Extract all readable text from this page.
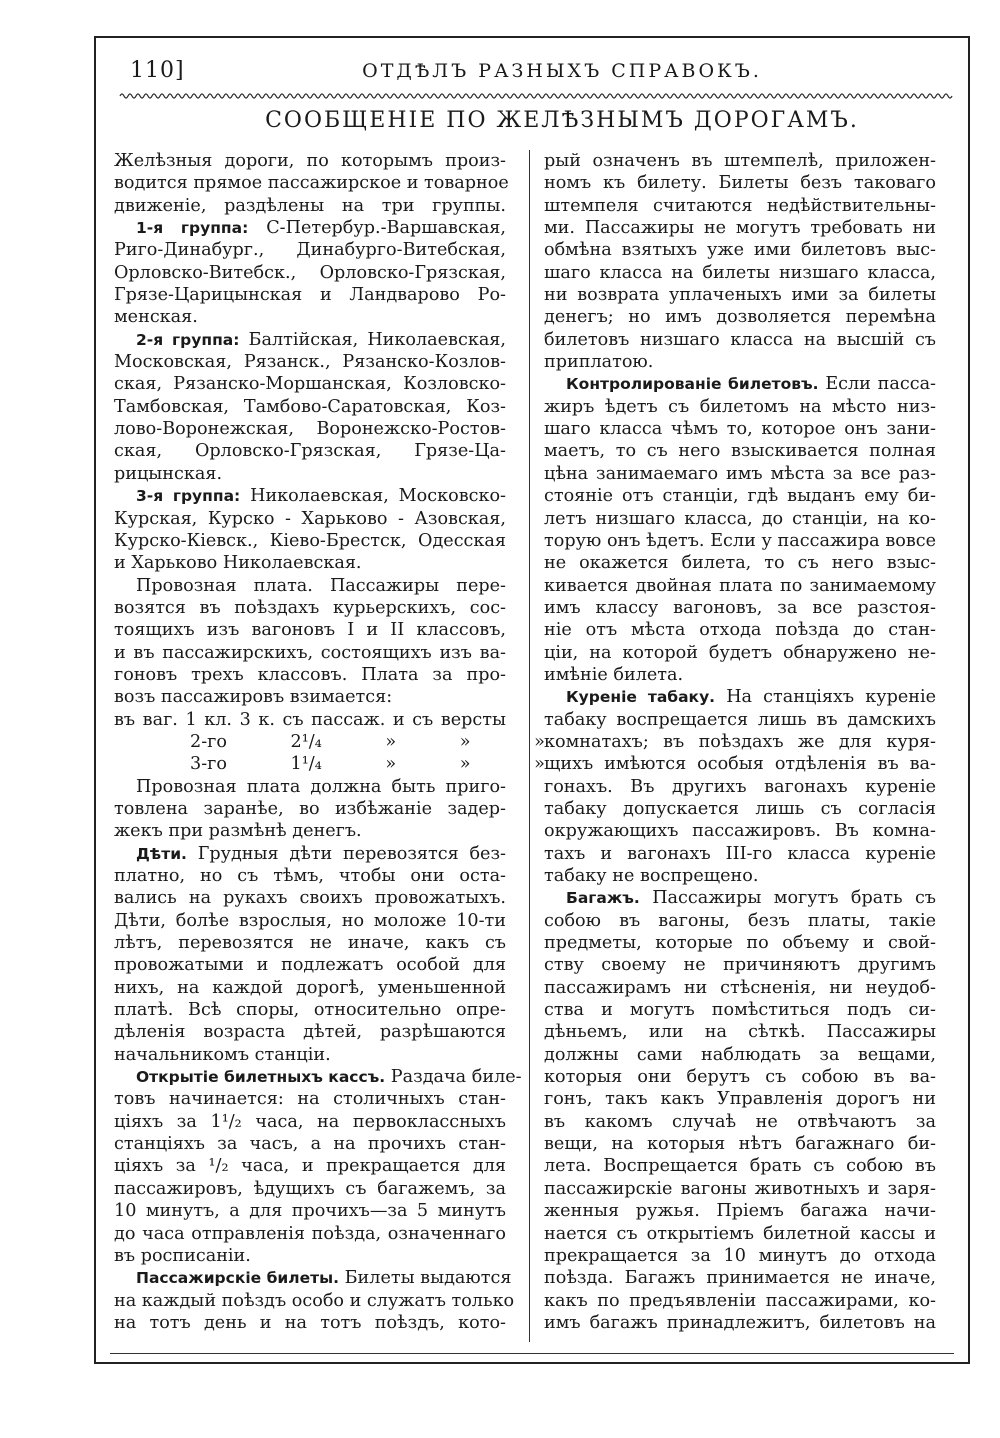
110]	ОТДѢЛЪ РАЗНЫХЪ СПРАВОКЪ.
СООБЩЕНІЕ ПО ЖЕЛѢЗНЫМЪ ДОРОГАМЪ.
Желѣзныя дороги, по которымъ произ-
водится прямое пассажирское и товарное
движеніе, раздѣлены на три группы.
1-я группа: С-Петербур.-Варшавская,
Риго-Динабург., Динабурго-Витебская,
Орловско-Витебск., Орловско-Грязская,
Грязе-Царицынская и Ландварово Ро-
менская.
2-я группа: Балтійская, Николаевская,
Московская, Рязанск., Рязанско-Козлов-
ская, Рязанско-Моршанская, Козловско-
Тамбовская, Тамбово-Саратовская, Коз-
лово-Воронежская, Воронежско-Ростов-
ская, Орловско-Грязская, Грязе-Ца-
рицынская.
3-я группа: Николаевская, Московско-
Курская, Курско - Харьково - Азовская,
Курско-Кіевск., Кіево-Брестск, Одесская
и Харьково Николаевская.
Провозная плата. Пассажиры пере-
возятся въ поѣздахъ курьерскихъ, сос-
тоящихъ изъ вагоновъ I и II классовъ,
и въ пассажирскихъ, состоящихъ изъ ва-
гоновъ трехъ классовъ. Плата за про-
возъ пассажировъ взимается:
въ ваг. 1 кл. 3 к. съ пассаж. и съ версты
2-го 2¹/₄ » » »
3-го 1¹/₄ » » »
Провозная плата должна быть приго-
товлена заранѣе, во избѣжаніе задер-
жекъ при размѣнѣ денегъ.
Дѣти. Грудныя дѣти перевозятся без-
платно, но съ тѣмъ, чтобы они оста-
вались на рукахъ своихъ провожатыхъ.
Дѣти, болѣе взрослыя, но моложе 10-ти
лѣтъ, перевозятся не иначе, какъ съ
провожатыми и подлежатъ особой для
нихъ, на каждой дорогѣ, уменьшенной
платѣ. Всѣ споры, относительно опре-
дѣленія возраста дѣтей, разрѣшаются
начальникомъ станціи.
Открытіе билетныхъ кассъ. Раздача биле-
товъ начинается: на столичныхъ стан-
ціяхъ за 1¹/₂ часа, на первоклассныхъ
станціяхъ за часъ, а на прочихъ стан-
ціяхъ за ¹/₂ часа, и прекращается для
пассажировъ, ѣдущихъ съ багажемъ, за
10 минутъ, а для прочихъ—за 5 минутъ
до часа отправленія поѣзда, означеннаго
въ росписаніи.
Пассажирскіе билеты. Билеты выдаются
на каждый поѣздъ особо и служатъ только
на тотъ день и на тотъ поѣздъ, кото-
рый означенъ въ штемпелѣ, приложен-
номъ къ билету. Билеты безъ таковаго
штемпеля считаются недѣйствительны-
ми. Пассажиры не могутъ требовать ни
обмѣна взятыхъ уже ими билетовъ выс-
шаго класса на билеты низшаго класса,
ни возврата уплаченыхъ ими за билеты
денегъ; но имъ дозволяется перемѣна
билетовъ низшаго класса на высшій съ
приплатою.
Контролированіе билетовъ. Если пасса-
жиръ ѣдетъ съ билетомъ на мѣсто низ-
шаго класса чѣмъ то, которое онъ зани-
маетъ, то съ него взыскивается полная
цѣна занимаемаго имъ мѣста за все раз-
стояніе отъ станціи, гдѣ выданъ ему би-
летъ низшаго класса, до станціи, на ко-
торую онъ ѣдетъ. Если у пассажира вовсе
не окажется билета, то съ него взыс-
кивается двойная плата по занимаемому
имъ классу вагоновъ, за все разстоя-
ніе отъ мѣста отхода поѣзда до стан-
ціи, на которой будетъ обнаружено не-
имѣніе билета.
Куреніе табаку. На станціяхъ куреніе
табаку воспрещается лишь въ дамскихъ
комнатахъ; въ поѣздахъ же для куря-
щихъ имѣются особыя отдѣленія въ ва-
гонахъ. Въ другихъ вагонахъ куреніе
табаку допускается лишь съ согласія
окружающихъ пассажировъ. Въ комна-
тахъ и вагонахъ III-го класса куреніе
табаку не воспрещено.
Багажъ. Пассажиры могутъ брать съ
собою въ вагоны, безъ платы, такіе
предметы, которые по объему и свой-
ству своему не причиняютъ другимъ
пассажирамъ ни стѣсненія, ни неудоб-
ства и могутъ помѣститься подъ си-
дѣньемъ, или на сѣткѣ. Пассажиры
должны сами наблюдать за вещами,
которыя они берутъ съ собою въ ва-
гонъ, такъ какъ Управленія дорогъ ни
въ какомъ случаѣ не отвѣчаютъ за
вещи, на которыя нѣтъ багажнаго би-
лета. Воспрещается брать съ собою въ
пассажирскіе вагоны животныхъ и заря-
женныя ружья. Пріемъ багажа начи-
нается съ открытіемъ билетной кассы и
прекращается за 10 минутъ до отхода
поѣзда. Багажъ принимается не иначе,
какъ по предъявленіи пассажирами, ко-
имъ багажъ принадлежитъ, билетовъ на
